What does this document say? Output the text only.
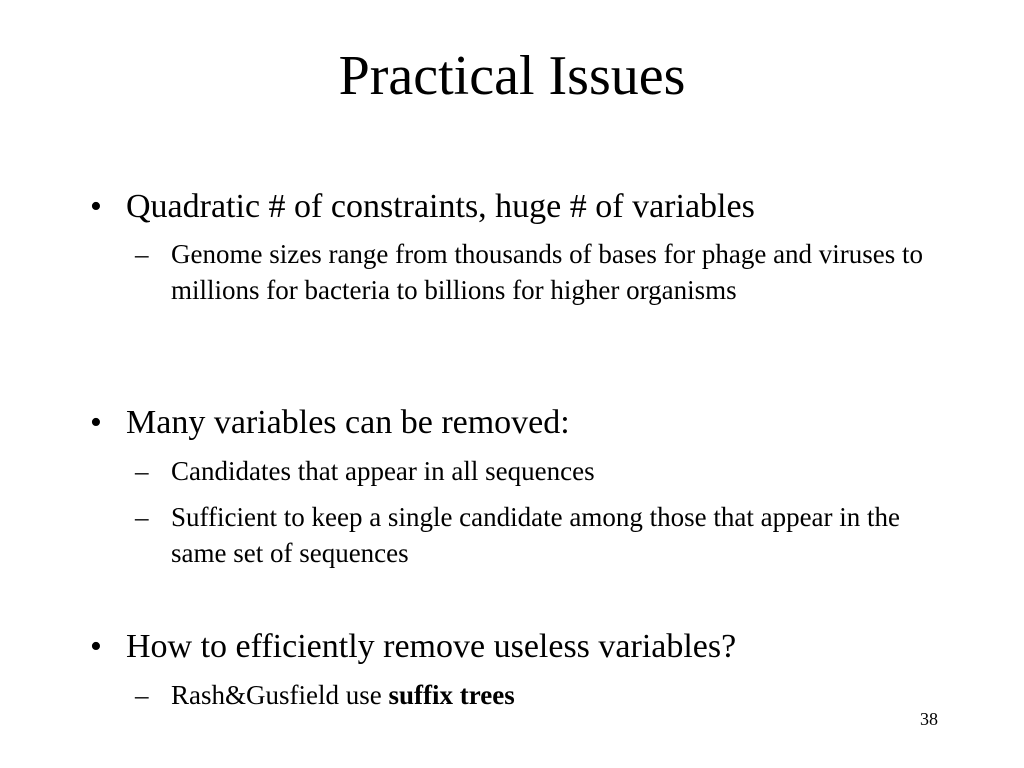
Practical Issues
• Quadratic # of constraints, huge # of variables
– Genome sizes range from thousands of bases for phage and viruses to millions for bacteria to billions for higher organisms
• Many variables can be removed:
– Candidates that appear in all sequences
– Sufficient to keep a single candidate among those that appear in the same set of sequences
• How to efficiently remove useless variables?
– Rash&Gusfield use suffix trees
38
